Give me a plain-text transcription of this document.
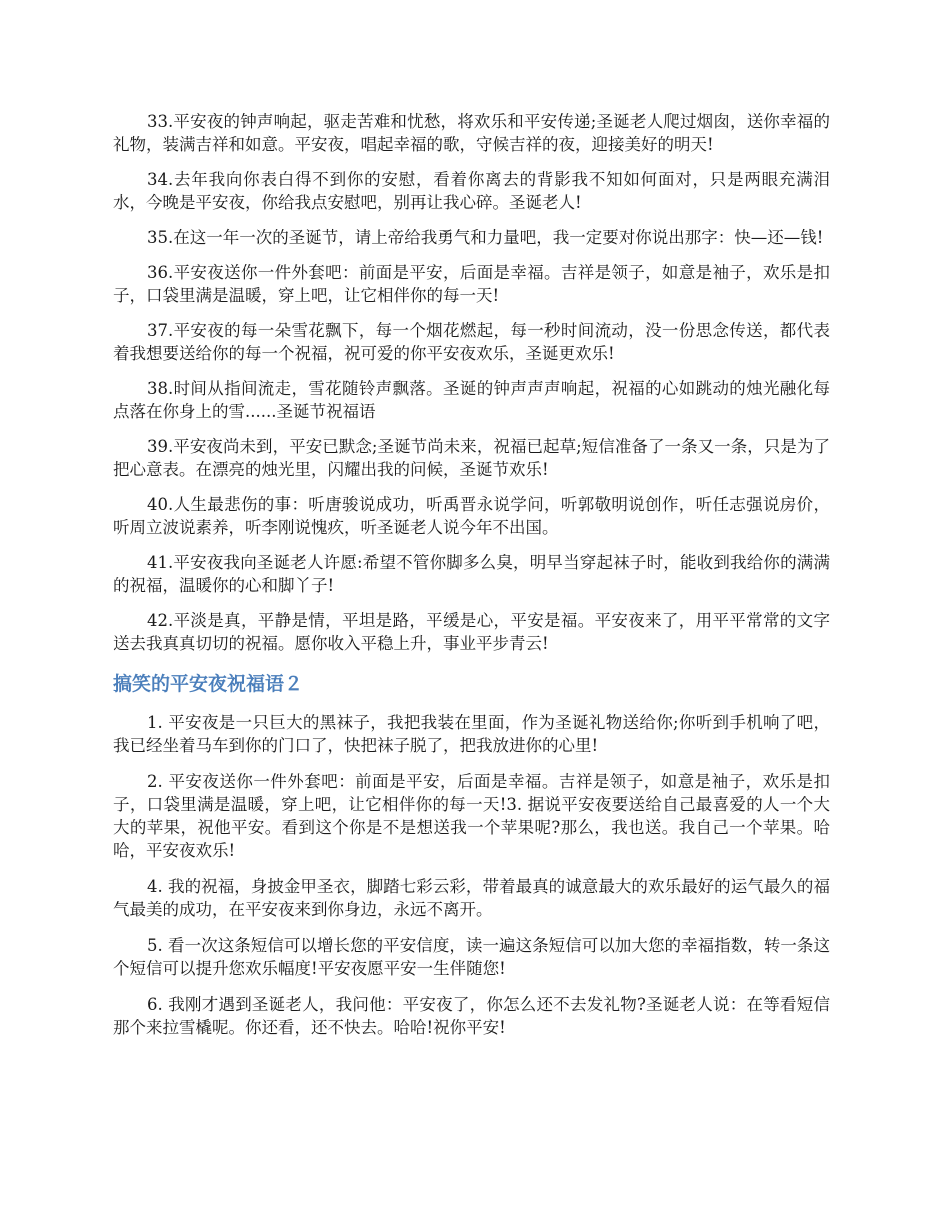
33.平安夜的钟声响起，驱走苦难和忧愁，将欢乐和平安传递;圣诞老人爬过烟囱，送你幸福的礼物，装满吉祥和如意。平安夜，唱起幸福的歌，守候吉祥的夜，迎接美好的明天!

34.去年我向你表白得不到你的安慰，看着你离去的背影我不知如何面对，只是两眼充满泪水，今晚是平安夜，你给我点安慰吧，别再让我心碎。圣诞老人!

35.在这一年一次的圣诞节，请上帝给我勇气和力量吧，我一定要对你说出那字：快—还—钱!

36.平安夜送你一件外套吧：前面是平安，后面是幸福。吉祥是领子，如意是袖子，欢乐是扣子，口袋里满是温暖，穿上吧，让它相伴你的每一天!

37.平安夜的每一朵雪花飘下，每一个烟花燃起，每一秒时间流动，没一份思念传送，都代表着我想要送给你的每一个祝福，祝可爱的你平安夜欢乐，圣诞更欢乐!

38.时间从指间流走，雪花随铃声飘落。圣诞的钟声声声响起，祝福的心如跳动的烛光融化每点落在你身上的雪......圣诞节祝福语

39.平安夜尚未到，平安已默念;圣诞节尚未来，祝福已起草;短信准备了一条又一条，只是为了把心意表。在漂亮的烛光里，闪耀出我的问候，圣诞节欢乐!

40.人生最悲伤的事：听唐骏说成功，听禹晋永说学问，听郭敬明说创作，听任志强说房价，听周立波说素养，听李刚说愧疚，听圣诞老人说今年不出国。

41.平安夜我向圣诞老人许愿:希望不管你脚多么臭，明早当穿起袜子时，能收到我给你的满满的祝福，温暖你的心和脚丫子!

42.平淡是真，平静是情，平坦是路，平缓是心，平安是福。平安夜来了，用平平常常的文字送去我真真切切的祝福。愿你收入平稳上升，事业平步青云!

搞笑的平安夜祝福语２

1. 平安夜是一只巨大的黑袜子，我把我装在里面，作为圣诞礼物送给你;你听到手机响了吧，我已经坐着马车到你的门口了，快把袜子脱了，把我放进你的心里!

2. 平安夜送你一件外套吧：前面是平安，后面是幸福。吉祥是领子，如意是袖子，欢乐是扣子，口袋里满是温暖，穿上吧，让它相伴你的每一天!3. 据说平安夜要送给自己最喜爱的人一个大大的苹果，祝他平安。看到这个你是不是想送我一个苹果呢?那么，我也送。我自己一个苹果。哈哈，平安夜欢乐!

4. 我的祝福，身披金甲圣衣，脚踏七彩云彩，带着最真的诚意最大的欢乐最好的运气最久的福气最美的成功，在平安夜来到你身边，永远不离开。

5. 看一次这条短信可以增长您的平安信度，读一遍这条短信可以加大您的幸福指数，转一条这个短信可以提升您欢乐幅度!平安夜愿平安一生伴随您!

6. 我刚才遇到圣诞老人，我问他：平安夜了，你怎么还不去发礼物?圣诞老人说：在等看短信那个来拉雪橇呢。你还看，还不快去。哈哈!祝你平安!
